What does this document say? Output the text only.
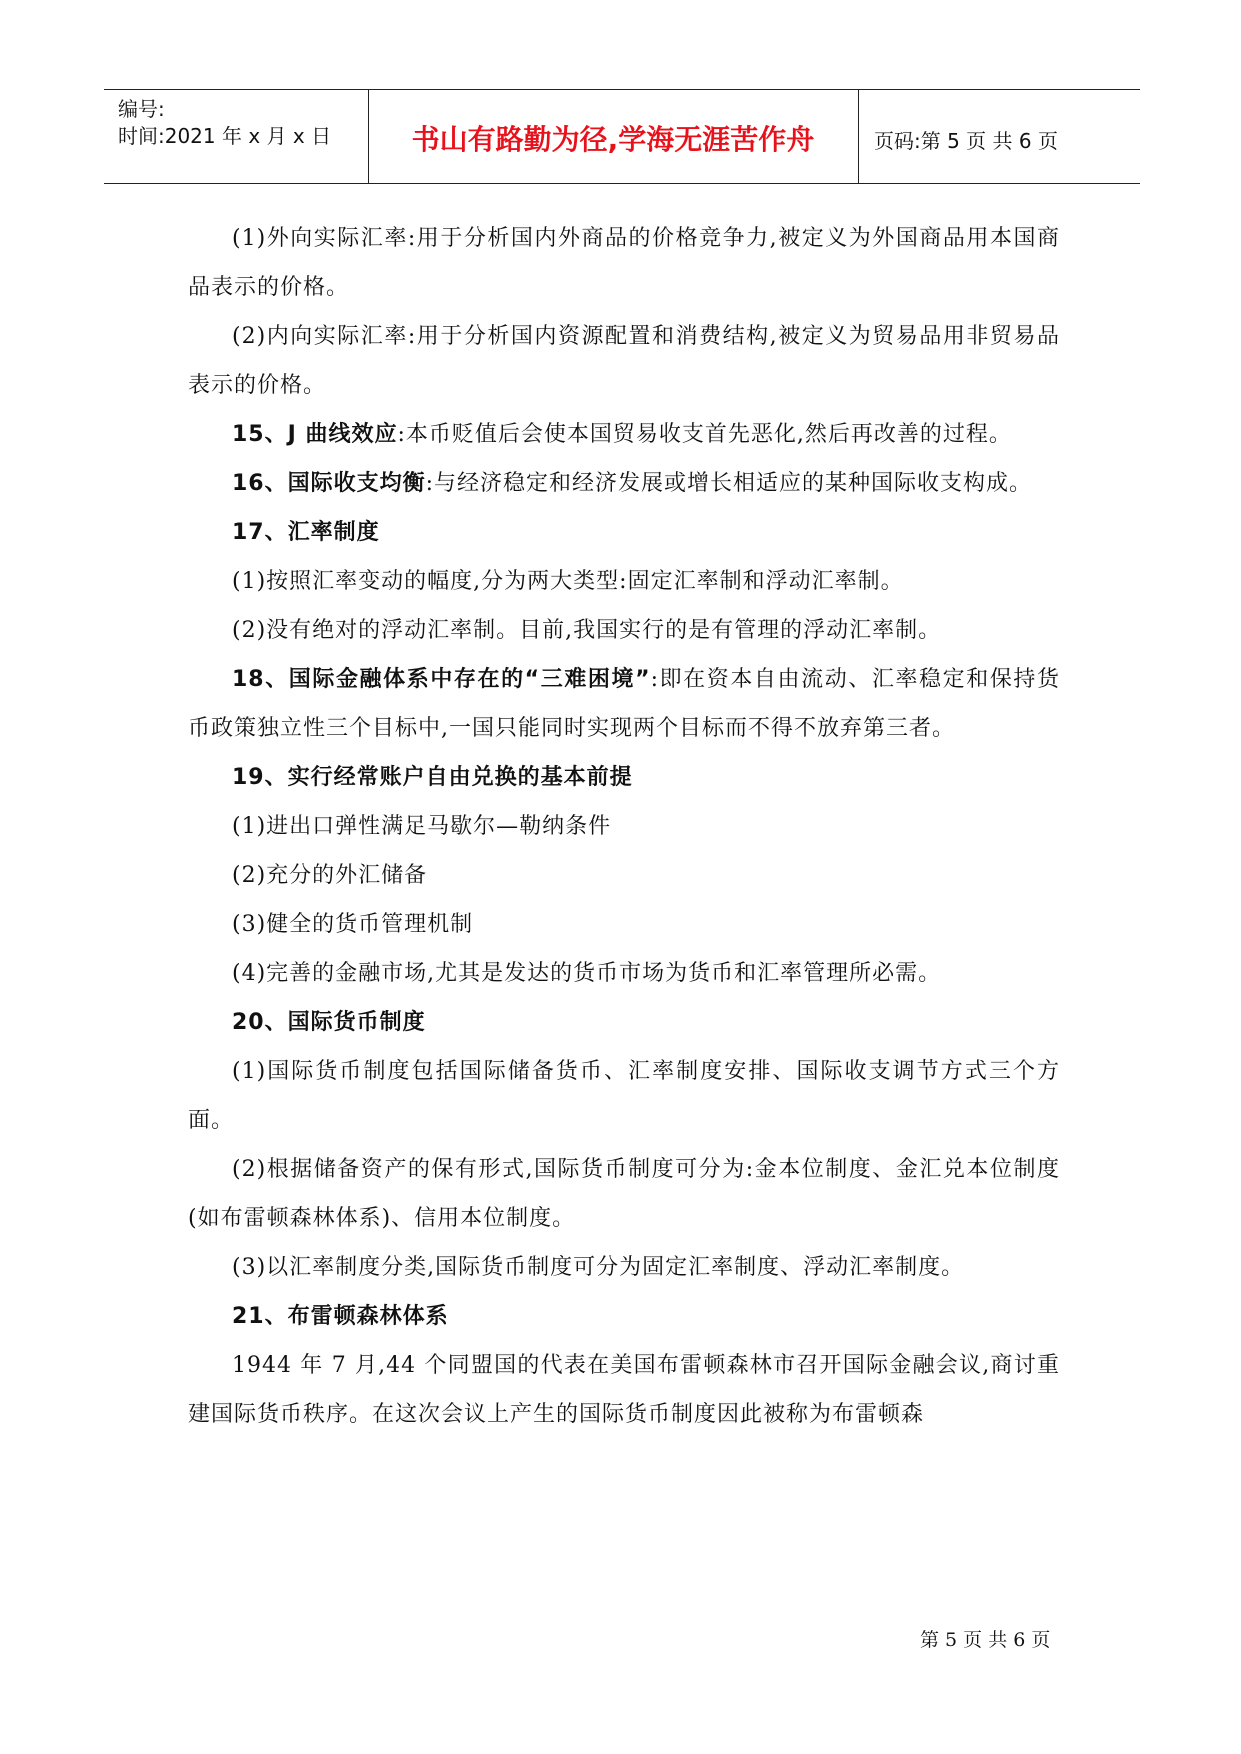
编号:
时间:2021 年 x 月 x 日	书山有路勤为径,学海无涯苦作舟	页码:第 5 页 共 6 页

(1)外向实际汇率:用于分析国内外商品的价格竞争力,被定义为外国商品用本国商品表示的价格。

(2)内向实际汇率:用于分析国内资源配置和消费结构,被定义为贸易品用非贸易品表示的价格。

15、J 曲线效应:本币贬值后会使本国贸易收支首先恶化,然后再改善的过程。

16、国际收支均衡:与经济稳定和经济发展或增长相适应的某种国际收支构成。

17、汇率制度

(1)按照汇率变动的幅度,分为两大类型:固定汇率制和浮动汇率制。

(2)没有绝对的浮动汇率制。目前,我国实行的是有管理的浮动汇率制。

18、国际金融体系中存在的“三难困境”:即在资本自由流动、汇率稳定和保持货币政策独立性三个目标中,一国只能同时实现两个目标而不得不放弃第三者。

19、实行经常账户自由兑换的基本前提

(1)进出口弹性满足马歇尔—勒纳条件

(2)充分的外汇储备

(3)健全的货币管理机制

(4)完善的金融市场,尤其是发达的货币市场为货币和汇率管理所必需。

20、国际货币制度

(1)国际货币制度包括国际储备货币、汇率制度安排、国际收支调节方式三个方面。

(2)根据储备资产的保有形式,国际货币制度可分为:金本位制度、金汇兑本位制度(如布雷顿森林体系)、信用本位制度。

(3)以汇率制度分类,国际货币制度可分为固定汇率制度、浮动汇率制度。

21、布雷顿森林体系

1944 年 7 月,44 个同盟国的代表在美国布雷顿森林市召开国际金融会议,商讨重建国际货币秩序。在这次会议上产生的国际货币制度因此被称为布雷顿森

第 5 页 共 6 页
